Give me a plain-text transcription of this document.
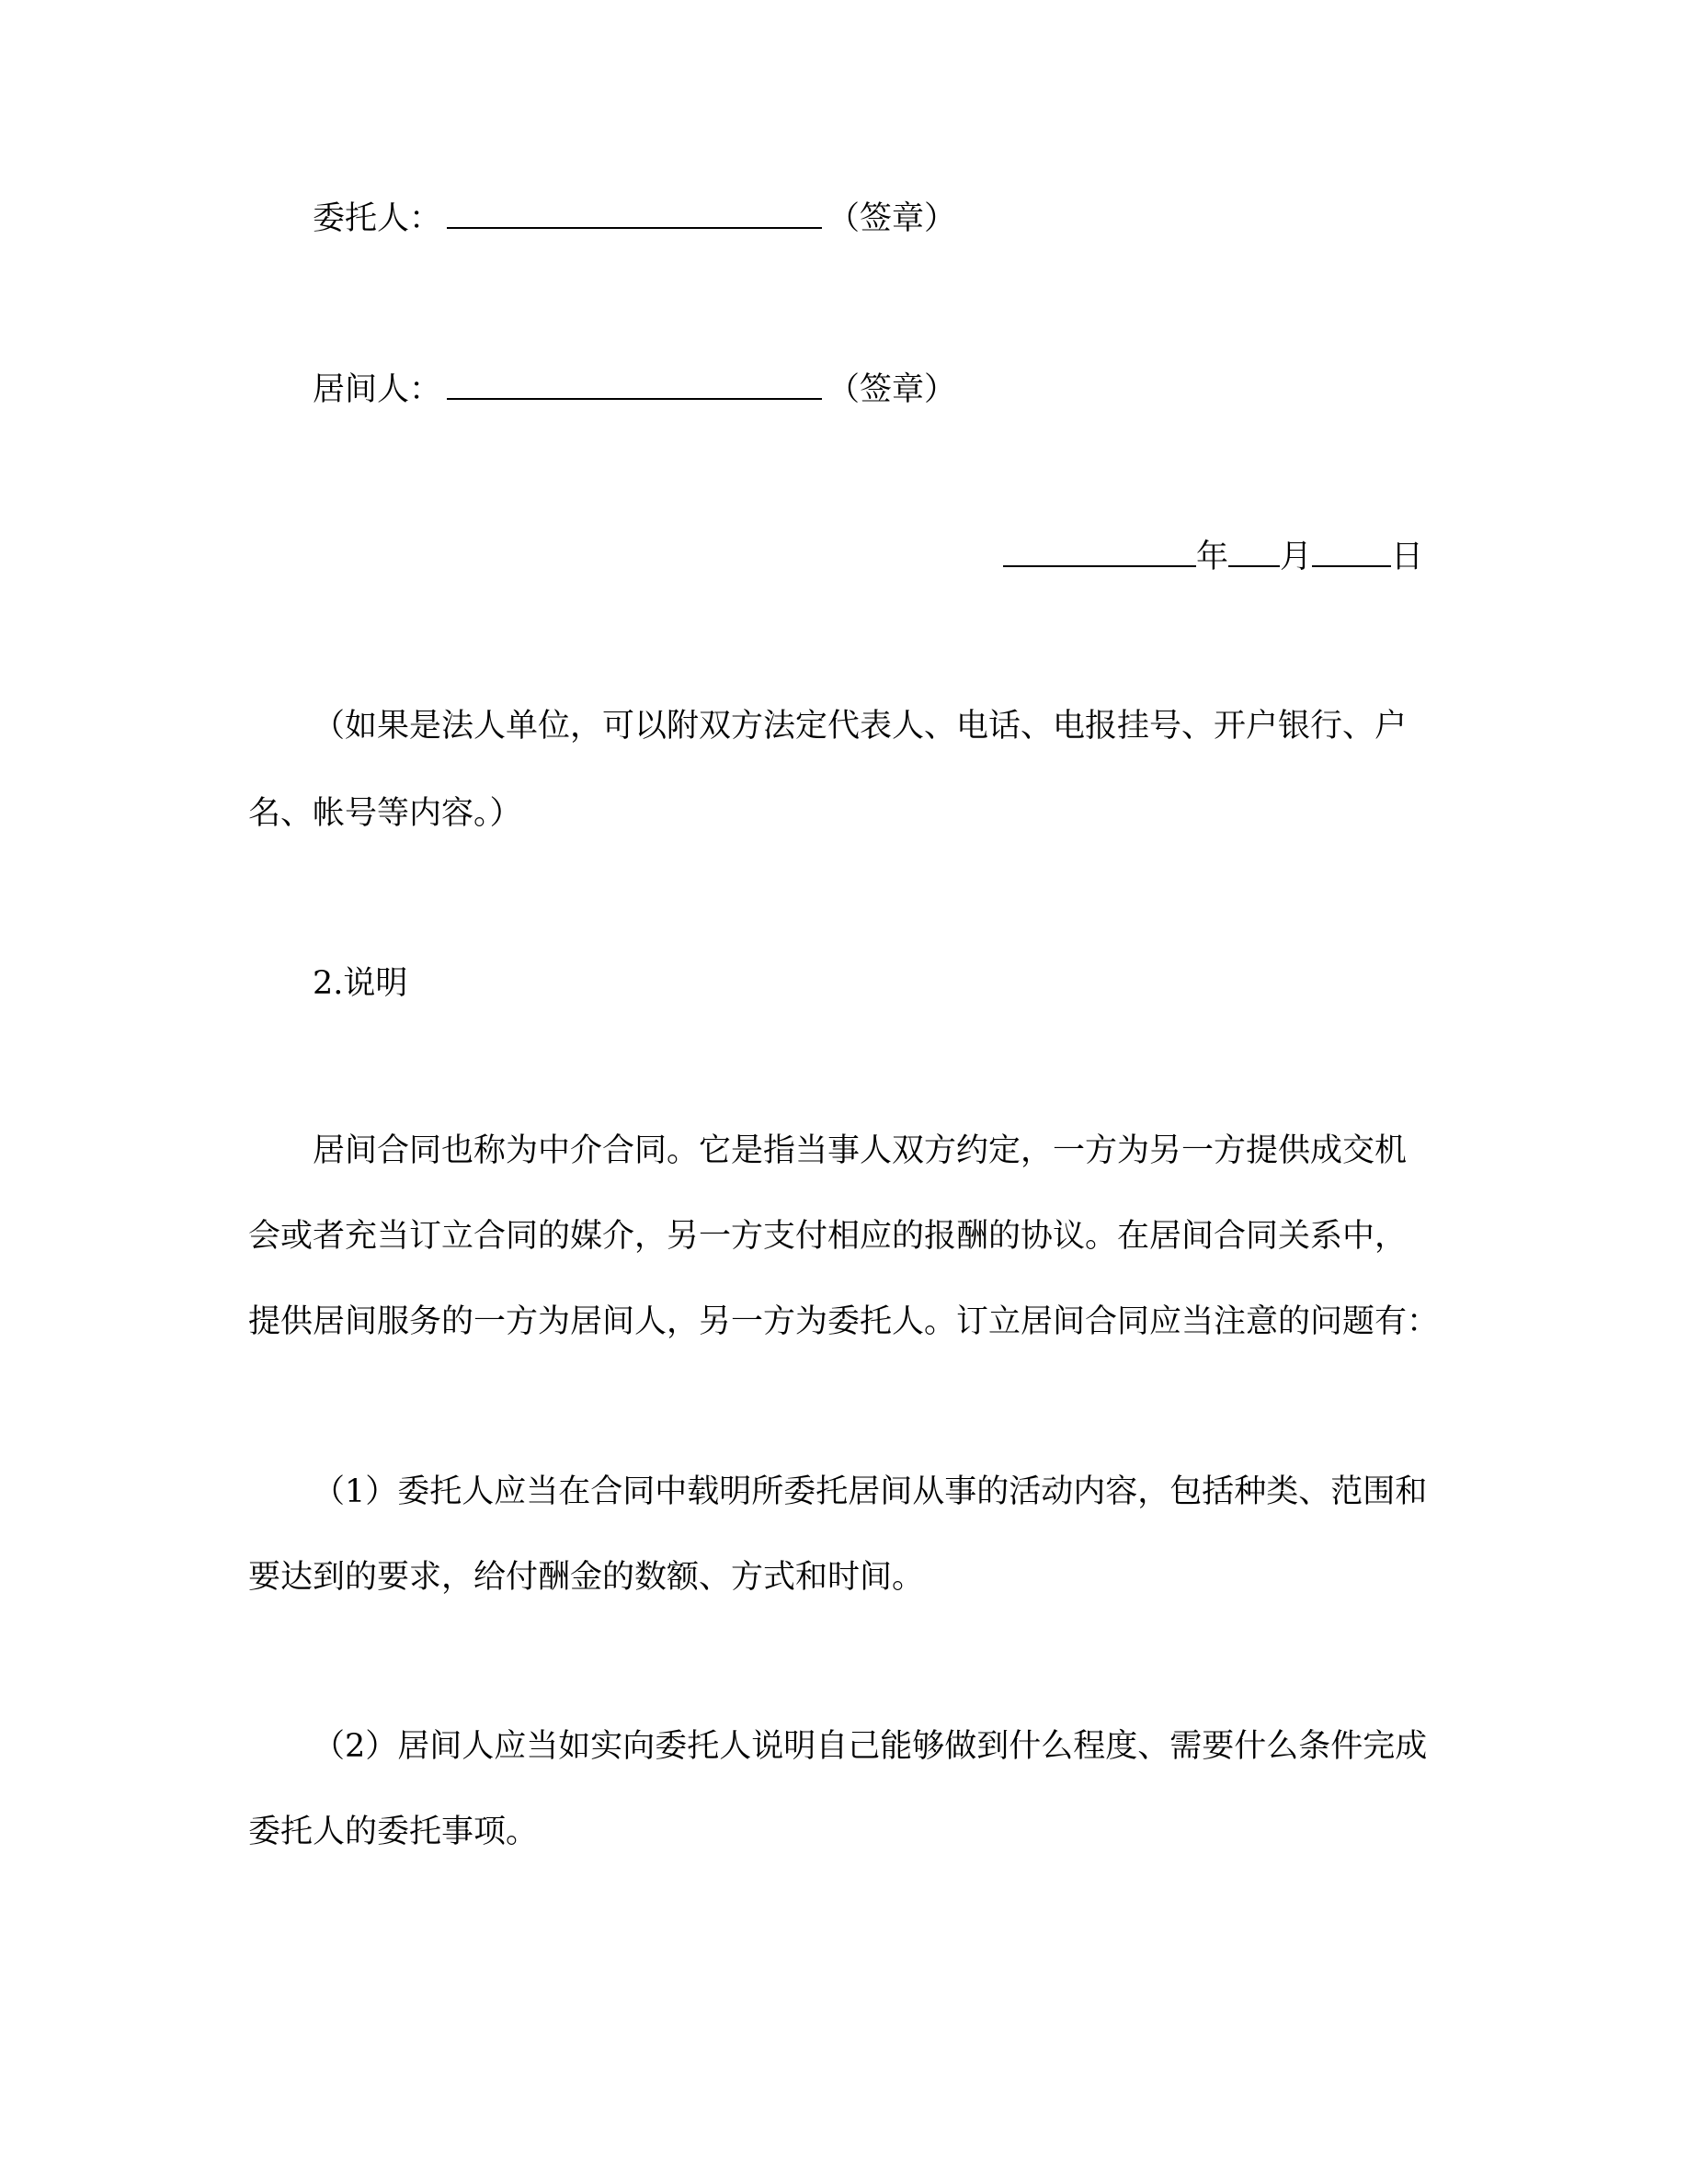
委托人：	（签章）
居间人：	（签章）
年 月 日
（如果是法人单位，可以附双方法定代表人、电话、电报挂号、开户银行、户
名、帐号等内容。）
2.说明
居间合同也称为中介合同。它是指当事人双方约定，一方为另一方提供成交机
会或者充当订立合同的媒介，另一方支付相应的报酬的协议。在居间合同关系中，
提供居间服务的一方为居间人，另一方为委托人。订立居间合同应当注意的问题有：
（1）委托人应当在合同中载明所委托居间从事的活动内容，包括种类、范围和
要达到的要求，给付酬金的数额、方式和时间。
（2）居间人应当如实向委托人说明自己能够做到什么程度、需要什么条件完成
委托人的委托事项。
